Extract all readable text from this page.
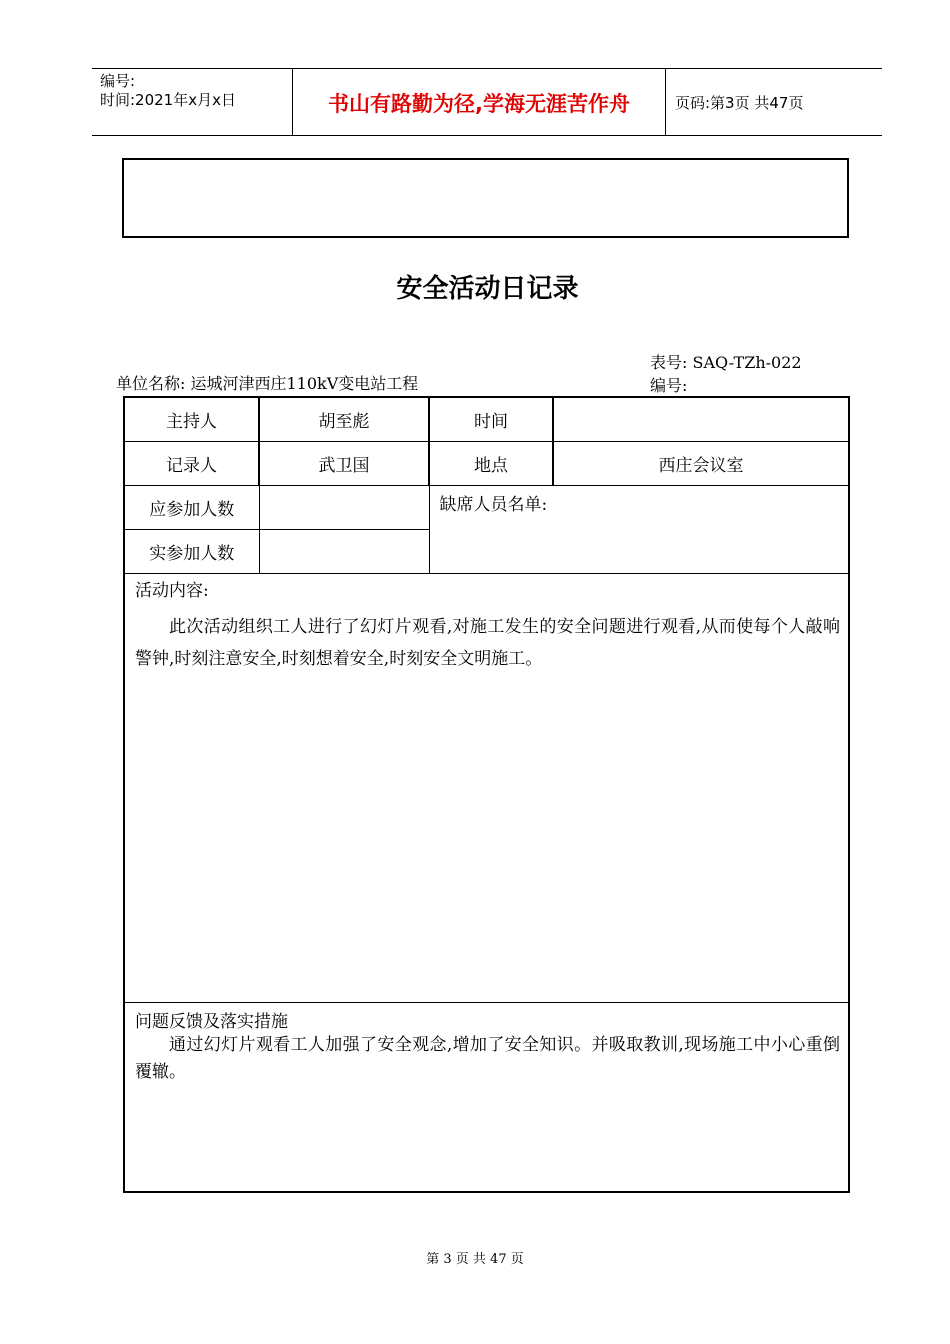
编号:
时间:2021年x月x日	书山有路勤为径,学海无涯苦作舟	页码:第3页 共47页
安全活动日记录
表号: SAQ-TZh-022
编号:
单位名称: 运城河津西庄110kV变电站工程
主持人	胡至彪	时间	
记录人	武卫国	地点	西庄会议室
应参加人数		缺席人员名单:	

实参加人数			

活动内容:

此次活动组织工人进行了幻灯片观看,对施工发生的安全问题进行观看,从而使每个人敲响警钟,时刻注意安全,时刻想着安全,时刻安全文明施工。			

问题反馈及落实措施

通过幻灯片观看工人加强了安全观念,增加了安全知识。并吸取教训,现场施工中小心重倒覆辙。			

第 3 页 共 47 页
